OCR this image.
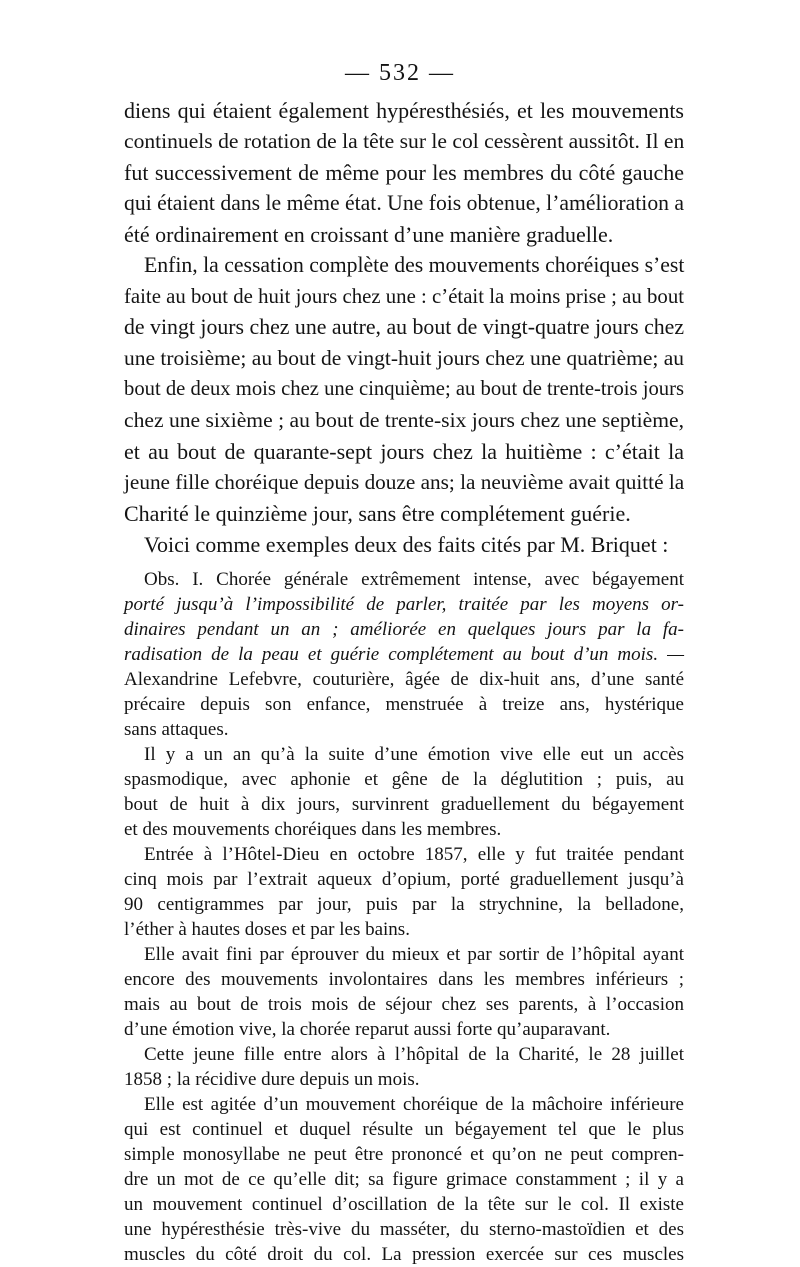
— 532 —
diens qui étaient également hypéresthésiés, et les mouvements
continuels de rotation de la tête sur le col cessèrent aussitôt. Il en
fut successivement de même pour les membres du côté gauche
qui étaient dans le même état. Une fois obtenue, l’amélioration a
été ordinairement en croissant d’une manière graduelle.
Enfin, la cessation complète des mouvements choréiques s’est
faite au bout de huit jours chez une : c’était la moins prise ; au bout
de vingt jours chez une autre, au bout de vingt-quatre jours chez
une troisième; au bout de vingt-huit jours chez une quatrième; au
bout de deux mois chez une cinquième; au bout de trente-trois jours
chez une sixième ; au bout de trente-six jours chez une septième,
et au bout de quarante-sept jours chez la huitième : c’était la
jeune fille choréique depuis douze ans; la neuvième avait quitté la
Charité le quinzième jour, sans être complétement guérie.
Voici comme exemples deux des faits cités par M. Briquet :
Obs. I. Chorée générale extrêmement intense, avec bégayement
porté jusqu’à l’impossibilité de parler, traitée par les moyens or-
dinaires pendant un an ; améliorée en quelques jours par la fa-
radisation de la peau et guérie complétement au bout d’un mois. —
Alexandrine Lefebvre, couturière, âgée de dix-huit ans, d’une santé
précaire depuis son enfance, menstruée à treize ans, hystérique
sans attaques.
Il y a un an qu’à la suite d’une émotion vive elle eut un accès
spasmodique, avec aphonie et gêne de la déglutition ; puis, au
bout de huit à dix jours, survinrent graduellement du bégayement
et des mouvements choréiques dans les membres.
Entrée à l’Hôtel-Dieu en octobre 1857, elle y fut traitée pendant
cinq mois par l’extrait aqueux d’opium, porté graduellement jusqu’à
90 centigrammes par jour, puis par la strychnine, la belladone,
l’éther à hautes doses et par les bains.
Elle avait fini par éprouver du mieux et par sortir de l’hôpital ayant
encore des mouvements involontaires dans les membres inférieurs ;
mais au bout de trois mois de séjour chez ses parents, à l’occasion
d’une émotion vive, la chorée reparut aussi forte qu’auparavant.
Cette jeune fille entre alors à l’hôpital de la Charité, le 28 juillet
1858 ; la récidive dure depuis un mois.
Elle est agitée d’un mouvement choréique de la mâchoire inférieure
qui est continuel et duquel résulte un bégayement tel que le plus
simple monosyllabe ne peut être prononcé et qu’on ne peut compren-
dre un mot de ce qu’elle dit; sa figure grimace constamment ; il y a
un mouvement continuel d’oscillation de la tête sur le col. Il existe
une hypéresthésie très-vive du masséter, du sterno-mastoïdien et des
muscles du côté droit du col. La pression exercée sur ces muscles
